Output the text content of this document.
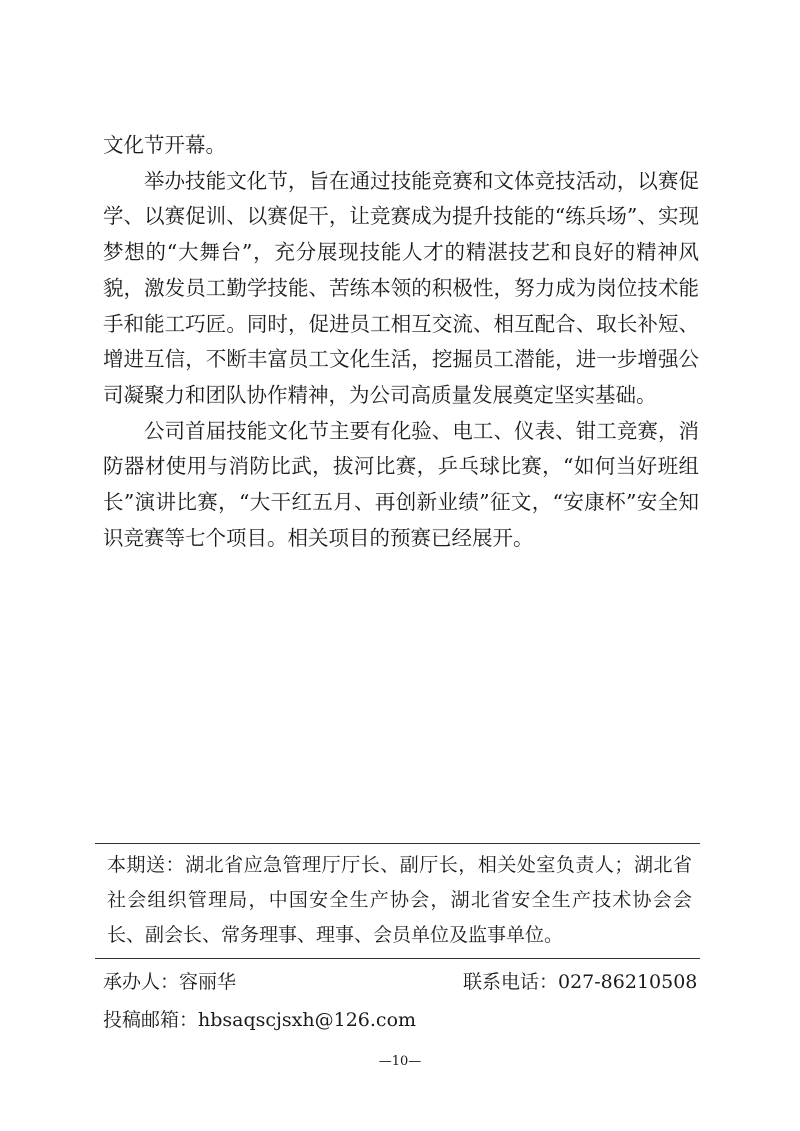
文化节开幕。

举办技能文化节，旨在通过技能竞赛和文体竞技活动，以赛促学、以赛促训、以赛促干，让竞赛成为提升技能的“练兵场”、实现梦想的“大舞台”，充分展现技能人才的精湛技艺和良好的精神风貌，激发员工勤学技能、苦练本领的积极性，努力成为岗位技术能手和能工巧匠。同时，促进员工相互交流、相互配合、取长补短、增进互信，不断丰富员工文化生活，挖掘员工潜能，进一步增强公司凝聚力和团队协作精神，为公司高质量发展奠定坚实基础。

公司首届技能文化节主要有化验、电工、仪表、钳工竞赛，消防器材使用与消防比武，拔河比赛，乒乓球比赛，“如何当好班组长”演讲比赛，“大干红五月、再创新业绩”征文，“安康杯”安全知识竞赛等七个项目。相关项目的预赛已经展开。

本期送：湖北省应急管理厅厅长、副厅长，相关处室负责人；湖北省社会组织管理局，中国安全生产协会，湖北省安全生产技术协会会长、副会长、常务理事、理事、会员单位及监事单位。
承办人：容丽华	联系电话：027-86210508
投稿邮箱：hbsaqscjsxh@126.com
—10—
